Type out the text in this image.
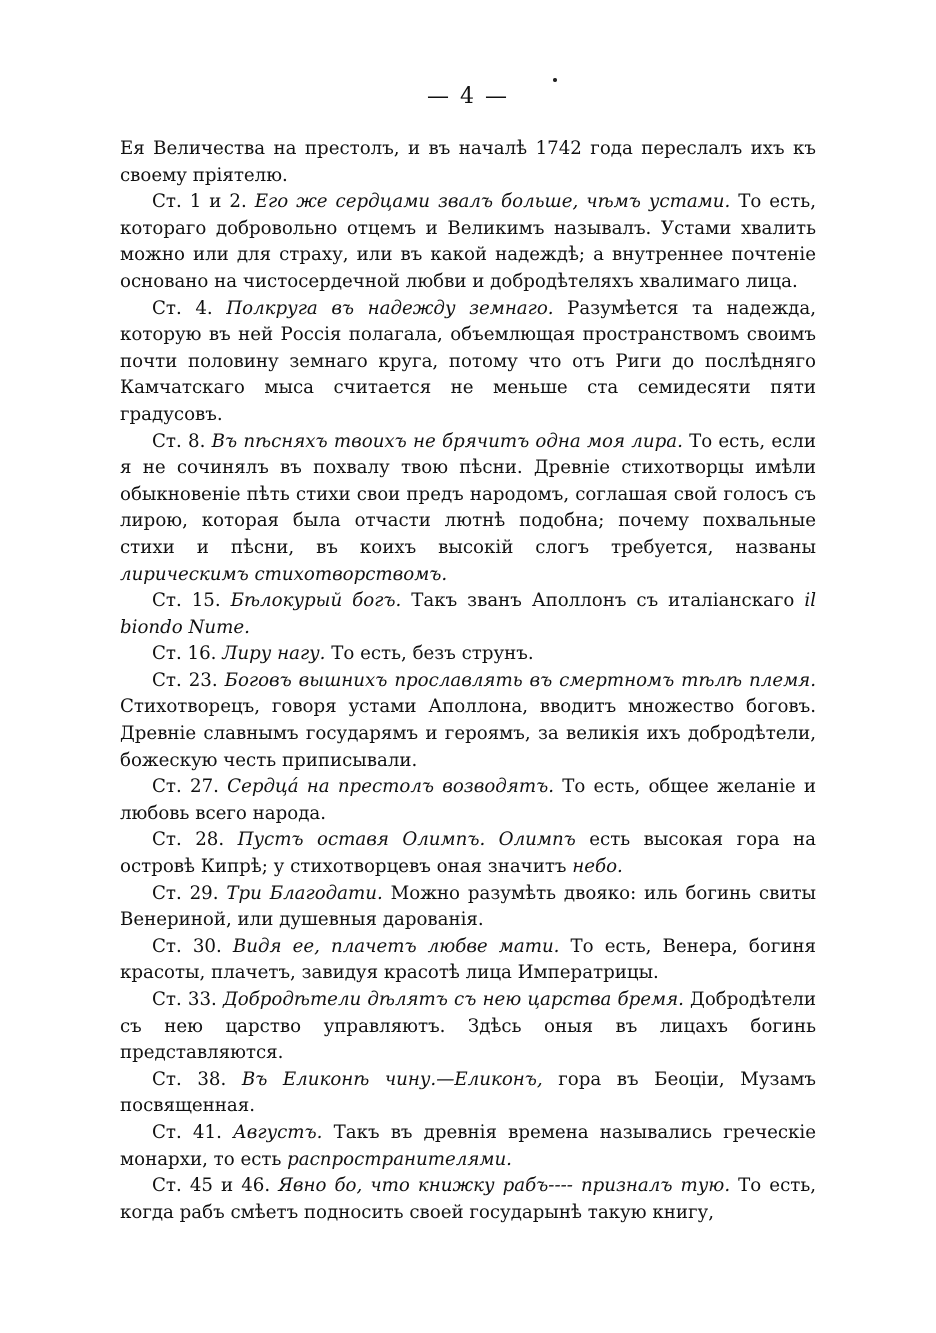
— 4 —

Ея Величества на престолъ, и въ началѣ 1742 года переслалъ ихъ къ своему пріятелю.

Ст. 1 и 2. Его же сердцами звалъ больше, чѣмъ устами. То есть, котораго добровольно отцемъ и Великимъ называлъ. Устами хвалить можно или для страху, или въ какой надеждѣ; а внутреннее почтеніе основано на чистосердечной любви и добродѣтеляхъ хвалимаго лица.

Ст. 4. Полкруга въ надежду земнаго. Разумѣется та надежда, которую въ ней Россія полагала, объемлющая пространствомъ своимъ почти половину земнаго круга, потому что отъ Риги до послѣдняго Камчатскаго мыса считается не меньше ста семидесяти пяти градусовъ.

Ст. 8. Въ пѣсняхъ твоихъ не брячитъ одна моя лира. То есть, если я не сочинялъ въ похвалу твою пѣсни. Древніе стихотворцы имѣли обыкновеніе пѣть стихи свои предъ народомъ, соглашая свой голосъ съ лирою, которая была отчасти лютнѣ подобна; почему похвальные стихи и пѣсни, въ коихъ высокій слогъ требуется, названы лирическимъ стихотворствомъ.

Ст. 15. Бѣлокурый богъ. Такъ званъ Аполлонъ съ италіанскаго il biondo Nume.

Ст. 16. Лиру нагу. То есть, безъ струнъ.

Ст. 23. Боговъ вышнихъ прославлять въ смертномъ тѣлѣ племя. Стихотворецъ, говоря устами Аполлона, вводитъ множество боговъ. Древніе славнымъ государямъ и героямъ, за великія ихъ добродѣтели, божескую честь приписывали.

Ст. 27. Сердцá на престолъ возводятъ. То есть, общее желаніе и любовь всего народа.

Ст. 28. Пустъ оставя Олимпъ. Олимпъ есть высокая гора на островѣ Кипрѣ; у стихотворцевъ оная значитъ небо.

Ст. 29. Три Благодати. Можно разумѣть двояко: иль богинь свиты Венериной, или душевныя дарованія.

Ст. 30. Видя ее, плачетъ любве мати. То есть, Венера, богиня красоты, плачетъ, завидуя красотѣ лица Императрицы.

Ст. 33. Добродѣтели дѣлятъ съ нею царства бремя. Добродѣтели съ нею царство управляютъ. Здѣсь оныя въ лицахъ богинь представляются.

Ст. 38. Въ Еликонѣ чину.—Еликонъ, гора въ Беоціи, Музамъ посвященная.

Ст. 41. Августъ. Такъ въ древнія времена назывались греческіе монархи, то есть распространителями.

Ст. 45 и 46. Явно бо, что книжку рабъ---- призналъ тую. То есть, когда рабъ смѣетъ подносить своей государынѣ такую книгу,
